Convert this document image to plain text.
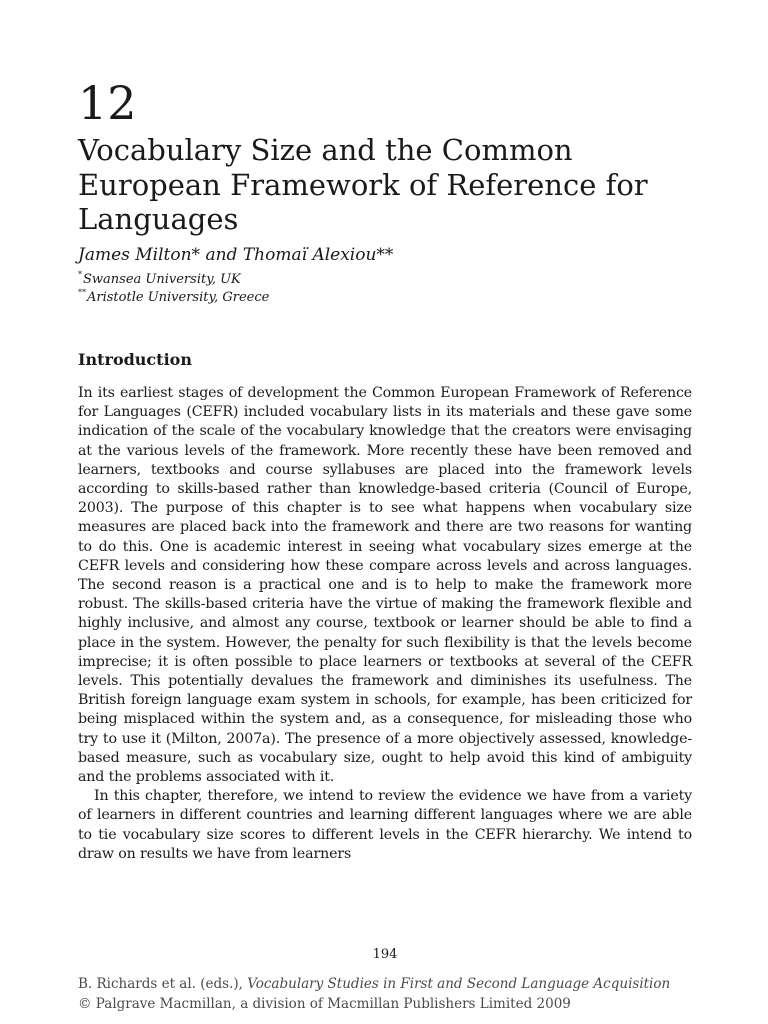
12
Vocabulary Size and the Common European Framework of Reference for Languages
James Milton* and Thomaï Alexiou**
*Swansea University, UK
**Aristotle University, Greece
Introduction

In its earliest stages of development the Common European Framework of Reference for Languages (CEFR) included vocabulary lists in its materials and these gave some indication of the scale of the vocabulary knowledge that the creators were envisaging at the various levels of the framework. More recently these have been removed and learners, textbooks and course syllabuses are placed into the framework levels according to skills-based rather than knowledge-based criteria (Council of Europe, 2003). The purpose of this chapter is to see what happens when vocabulary size measures are placed back into the framework and there are two reasons for wanting to do this. One is academic interest in seeing what vocabulary sizes emerge at the CEFR levels and considering how these compare across levels and across languages. The second reason is a practical one and is to help to make the framework more robust. The skills-based criteria have the virtue of making the framework flexible and highly inclusive, and almost any course, textbook or learner should be able to find a place in the system. However, the penalty for such flexibility is that the levels become imprecise; it is often possible to place learners or textbooks at several of the CEFR levels. This potentially devalues the framework and diminishes its usefulness. The British foreign language exam system in schools, for example, has been criticized for being misplaced within the system and, as a consequence, for misleading those who try to use it (Milton, 2007a). The presence of a more objectively assessed, knowledge-based measure, such as vocabulary size, ought to help avoid this kind of ambiguity and the problems associated with it.

In this chapter, therefore, we intend to review the evidence we have from a variety of learners in different countries and learning different languages where we are able to tie vocabulary size scores to different levels in the CEFR hierarchy. We intend to draw on results we have from learners

194
B. Richards et al. (eds.), Vocabulary Studies in First and Second Language Acquisition
© Palgrave Macmillan, a division of Macmillan Publishers Limited 2009
